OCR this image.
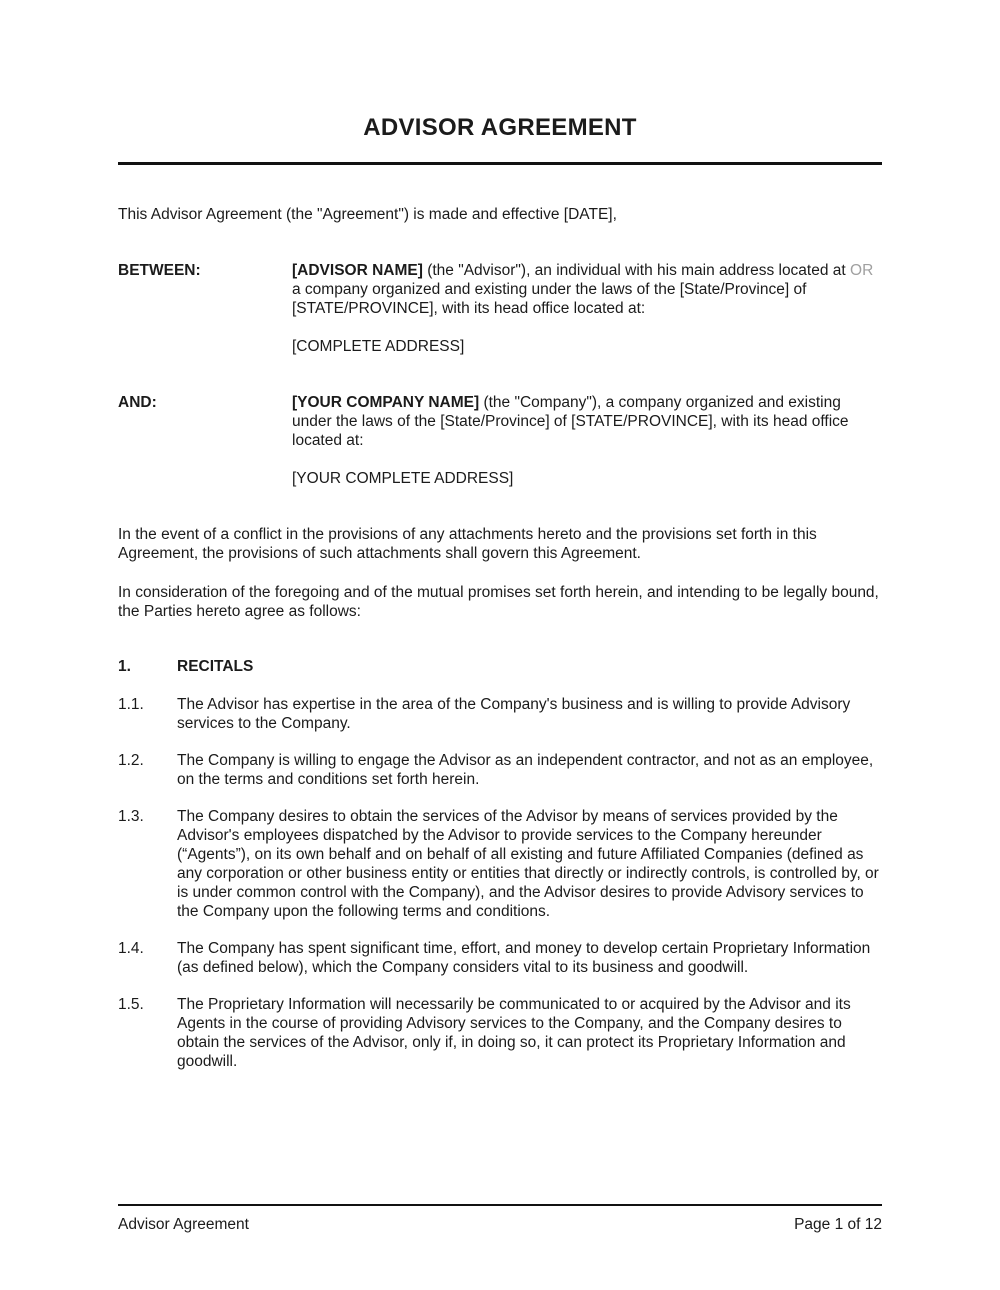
ADVISOR AGREEMENT

This Advisor Agreement (the "Agreement") is made and effective [DATE],

BETWEEN:	[ADVISOR NAME] (the "Advisor"), an individual with his main address located at OR a company organized and existing under the laws of the [State/Province] of [STATE/PROVINCE], with its head office located at:

[COMPLETE ADDRESS]

AND:	[YOUR COMPANY NAME] (the "Company"), a company organized and existing under the laws of the [State/Province] of [STATE/PROVINCE], with its head office located at:

[YOUR COMPLETE ADDRESS]

In the event of a conflict in the provisions of any attachments hereto and the provisions set forth in this Agreement, the provisions of such attachments shall govern this Agreement.

In consideration of the foregoing and of the mutual promises set forth herein, and intending to be legally bound, the Parties hereto agree as follows:

1.	RECITALS
1.1.	The Advisor has expertise in the area of the Company's business and is willing to provide Advisory services to the Company.
1.2.	The Company is willing to engage the Advisor as an independent contractor, and not as an employee, on the terms and conditions set forth herein.
1.3.	The Company desires to obtain the services of the Advisor by means of services provided by the Advisor's employees dispatched by the Advisor to provide services to the Company hereunder (“Agents”), on its own behalf and on behalf of all existing and future Affiliated Companies (defined as any corporation or other business entity or entities that directly or indirectly controls, is controlled by, or is under common control with the Company), and the Advisor desires to provide Advisory services to the Company upon the following terms and conditions.
1.4.	The Company has spent significant time, effort, and money to develop certain Proprietary Information (as defined below), which the Company considers vital to its business and goodwill.
1.5.	The Proprietary Information will necessarily be communicated to or acquired by the Advisor and its Agents in the course of providing Advisory services to the Company, and the Company desires to obtain the services of the Advisor, only if, in doing so, it can protect its Proprietary Information and goodwill.
Advisor Agreement	Page 1 of 12
